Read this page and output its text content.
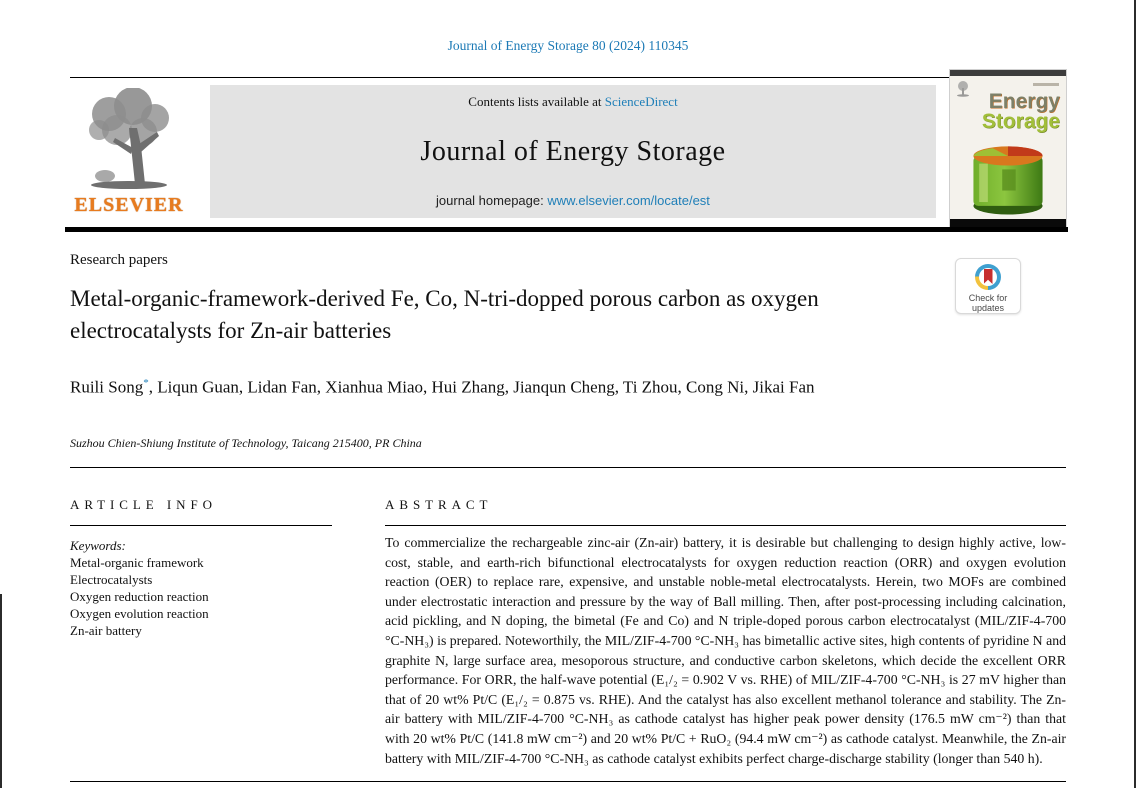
Journal of Energy Storage 80 (2024) 110345
ELSEVIER
Contents lists available at ScienceDirect
Journal of Energy Storage
journal homepage: www.elsevier.com/locate/est
Energy
Storage
Research papers
Metal-organic-framework-derived Fe, Co, N-tri-dopped porous carbon as oxygen electrocatalysts for Zn-air batteries
Check for
updates
Ruili Song*, Liqun Guan, Lidan Fan, Xianhua Miao, Hui Zhang, Jianqun Cheng, Ti Zhou, Cong Ni, Jikai Fan
Suzhou Chien-Shiung Institute of Technology, Taicang 215400, PR China
ARTICLE INFO	ABSTRACT
Keywords:
Metal-organic framework
Electrocatalysts
Oxygen reduction reaction
Oxygen evolution reaction
Zn-air battery
To commercialize the rechargeable zinc-air (Zn-air) battery, it is desirable but challenging to design highly active, low-cost, stable, and earth-rich bifunctional electrocatalysts for oxygen reduction reaction (ORR) and oxygen evolution reaction (OER) to replace rare, expensive, and unstable noble-metal electrocatalysts. Herein, two MOFs are combined under electrostatic interaction and pressure by the way of Ball milling. Then, after post-processing including calcination, acid pickling, and N doping, the bimetal (Fe and Co) and N triple-doped porous carbon electrocatalyst (MIL/ZIF-4-700 °C-NH₃) is prepared. Noteworthily, the MIL/ZIF-4-700 °C-NH₃ has bimetallic active sites, high contents of pyridine N and graphite N, large surface area, mesoporous structure, and conductive carbon skeletons, which decide the excellent ORR performance. For ORR, the half-wave potential (E₁/₂ = 0.902 V vs. RHE) of MIL/ZIF-4-700 °C-NH₃ is 27 mV higher than that of 20 wt% Pt/C (E₁/₂ = 0.875 vs. RHE). And the catalyst has also excellent methanol tolerance and stability. The Zn-air battery with MIL/ZIF-4-700 °C-NH₃ as cathode catalyst has higher peak power density (176.5 mW cm⁻²) than that with 20 wt% Pt/C (141.8 mW cm⁻²) and 20 wt% Pt/C + RuO₂ (94.4 mW cm⁻²) as cathode catalyst. Meanwhile, the Zn-air battery with MIL/ZIF-4-700 °C-NH₃ as cathode catalyst exhibits perfect charge-discharge stability (longer than 540 h).
